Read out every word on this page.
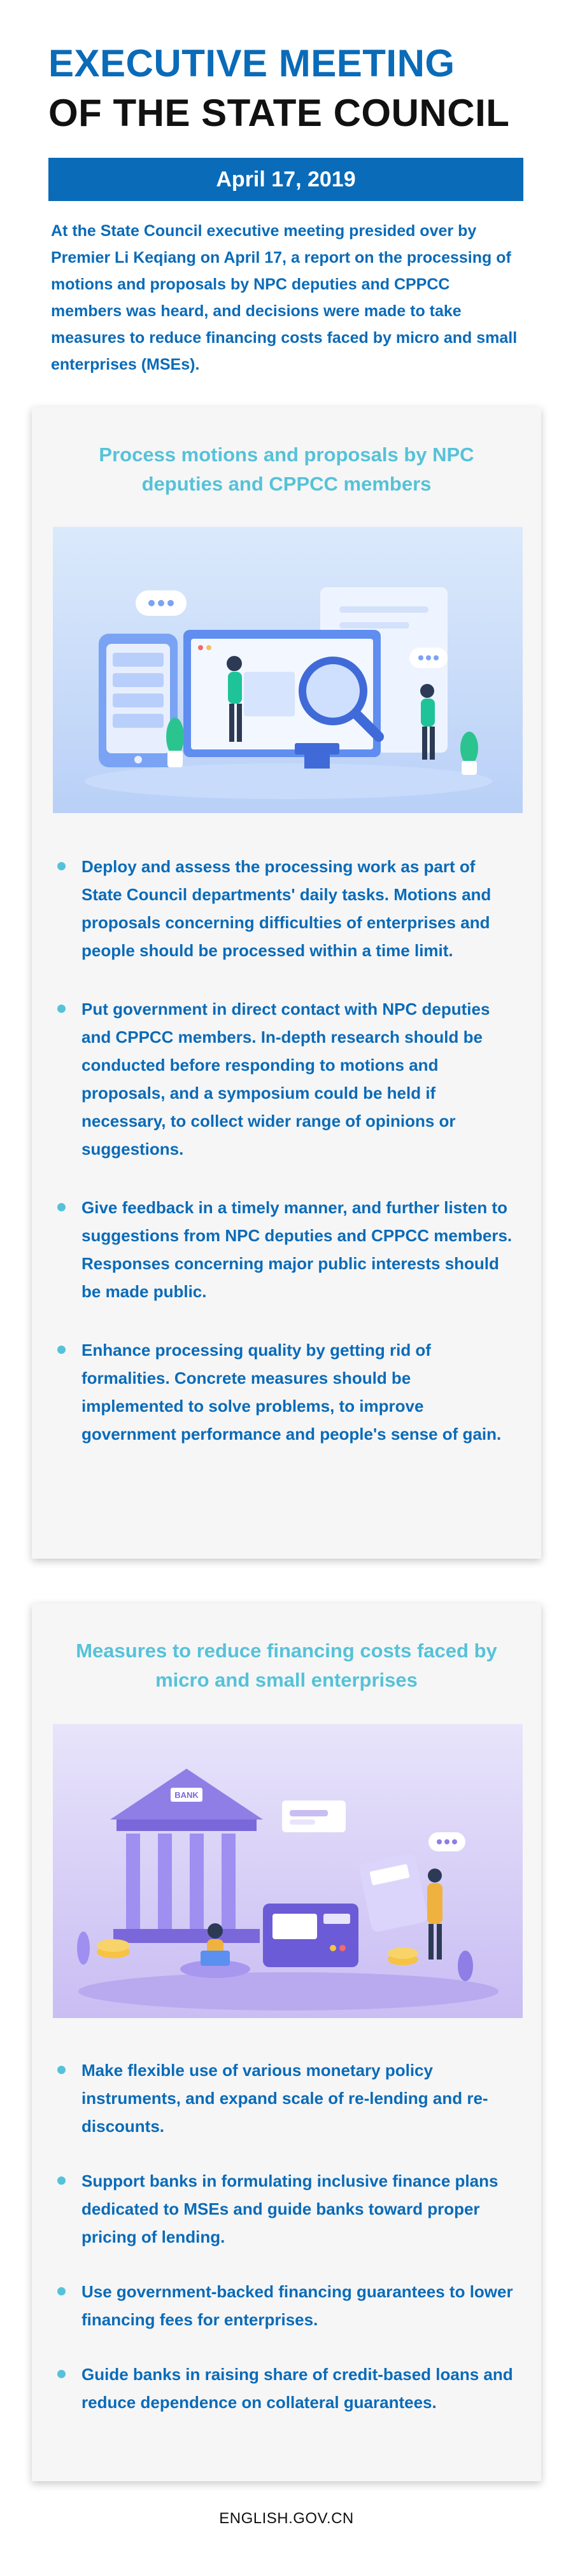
EXECUTIVE MEETING
OF THE STATE COUNCIL
April 17, 2019
At the State Council executive meeting presided over by Premier Li Keqiang on April 17, a report on the processing of motions and proposals by NPC deputies and CPPCC members was heard, and decisions were made to take measures to reduce financing costs faced by micro and small enterprises (MSEs).
Process motions and proposals by NPC deputies and CPPCC members
Deploy and assess the processing work as part of State Council departments' daily tasks. Motions and proposals concerning difficulties of enterprises and people should be processed within a time limit.
Put government in direct contact with NPC deputies and CPPCC members. In-depth research should be conducted before responding to motions and proposals, and a symposium could be held if necessary, to collect wider range of opinions or suggestions.
Give feedback in a timely manner, and further listen to suggestions from NPC deputies and CPPCC members. Responses concerning major public interests should be made public.
Enhance processing quality by getting rid of formalities. Concrete measures should be implemented to solve problems, to improve government performance and people's sense of gain.
Measures to reduce financing costs faced by micro and small enterprises
BANK
Make flexible use of various monetary policy instruments, and expand scale of re-lending and re-discounts.
Support banks in formulating inclusive finance plans dedicated to MSEs and guide banks toward proper pricing of lending.
Use government-backed financing guarantees to lower financing fees for enterprises.
Guide banks in raising share of credit-based loans and reduce dependence on collateral guarantees.
ENGLISH.GOV.CN
